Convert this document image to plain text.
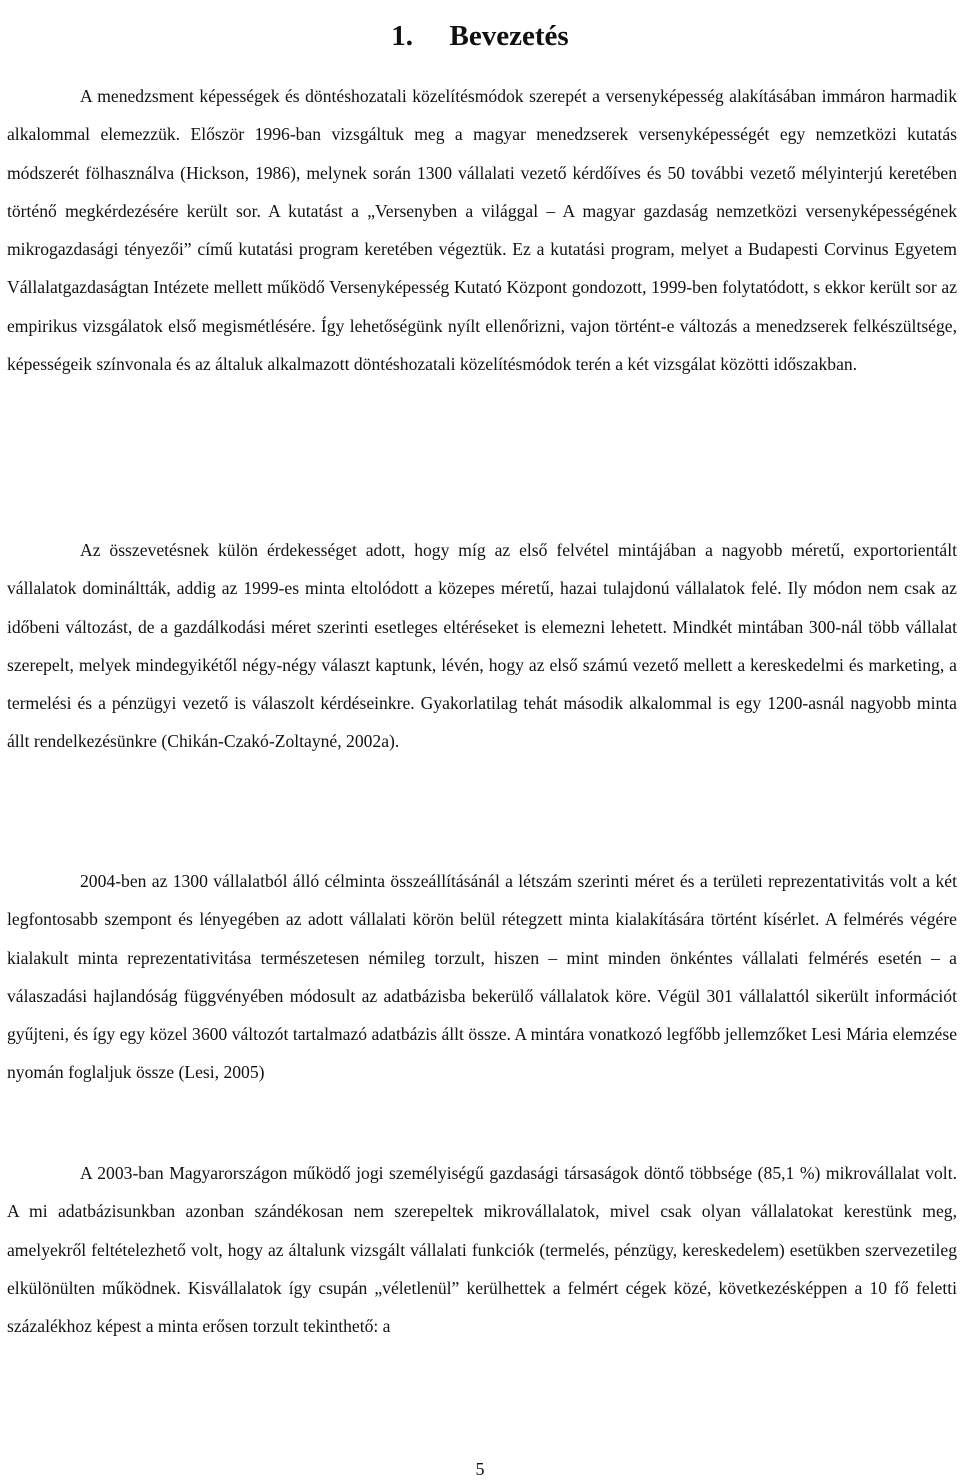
1. Bevezetés

A menedzsment képességek és döntéshozatali közelítésmódok szerepét a versenyképesség alakításában immáron harmadik alkalommal elemezzük. Először 1996-ban vizsgáltuk meg a magyar menedzserek versenyképességét egy nemzetközi kutatás módszerét fölhasználva (Hickson, 1986), melynek során 1300 vállalati vezető kérdőíves és 50 további vezető mélyinterjú keretében történő megkérdezésére került sor. A kutatást a „Versenyben a világgal – A magyar gazdaság nemzetközi versenyképességének mikrogazdasági tényezői” című kutatási program keretében végeztük. Ez a kutatási program, melyet a Budapesti Corvinus Egyetem Vállalatgazdaságtan Intézete mellett működő Versenyképesség Kutató Központ gondozott, 1999-ben folytatódott, s ekkor került sor az empirikus vizsgálatok első megismétlésére. Így lehetőségünk nyílt ellenőrizni, vajon történt-e változás a menedzserek felkészültsége, képességeik színvonala és az általuk alkalmazott döntéshozatali közelítésmódok terén a két vizsgálat közötti időszakban.

Az összevetésnek külön érdekességet adott, hogy míg az első felvétel mintájában a nagyobb méretű, exportorientált vállalatok domináltták, addig az 1999-es minta eltolódott a közepes méretű, hazai tulajdonú vállalatok felé. Ily módon nem csak az időbeni változást, de a gazdálkodási méret szerinti esetleges eltéréseket is elemezni lehetett. Mindkét mintában 300-nál több vállalat szerepelt, melyek mindegyikétől négy-négy választ kaptunk, lévén, hogy az első számú vezető mellett a kereskedelmi és marketing, a termelési és a pénzügyi vezető is válaszolt kérdéseinkre. Gyakorlatilag tehát második alkalommal is egy 1200-asnál nagyobb minta állt rendelkezésünkre (Chikán-Czakó-Zoltayné, 2002a).

2004-ben az 1300 vállalatból álló célminta összeállításánál a létszám szerinti méret és a területi reprezentativitás volt a két legfontosabb szempont és lényegében az adott vállalati körön belül rétegzett minta kialakítására történt kísérlet. A felmérés végére kialakult minta reprezentativitása természetesen némileg torzult, hiszen – mint minden önkéntes vállalati felmérés esetén – a válaszadási hajlandóság függvényében módosult az adatbázisba bekerülő vállalatok köre. Végül 301 vállalattól sikerült információt gyűjteni, és így egy közel 3600 változót tartalmazó adatbázis állt össze. A mintára vonatkozó legfőbb jellemzőket Lesi Mária elemzése nyomán foglaljuk össze (Lesi, 2005)

A 2003-ban Magyarországon működő jogi személyiségű gazdasági társaságok döntő többsége (85,1 %) mikrovállalat volt. A mi adatbázisunkban azonban szándékosan nem szerepeltek mikrovállalatok, mivel csak olyan vállalatokat kerestünk meg, amelyekről feltételezhető volt, hogy az általunk vizsgált vállalati funkciók (termelés, pénzügy, kereskedelem) esetükben szervezetileg elkülönülten működnek. Kisvállalatok így csupán „véletlenül” kerülhettek a felmért cégek közé, következésképpen a 10 fő feletti százalékhoz képest a minta erősen torzult tekinthető: a

5
